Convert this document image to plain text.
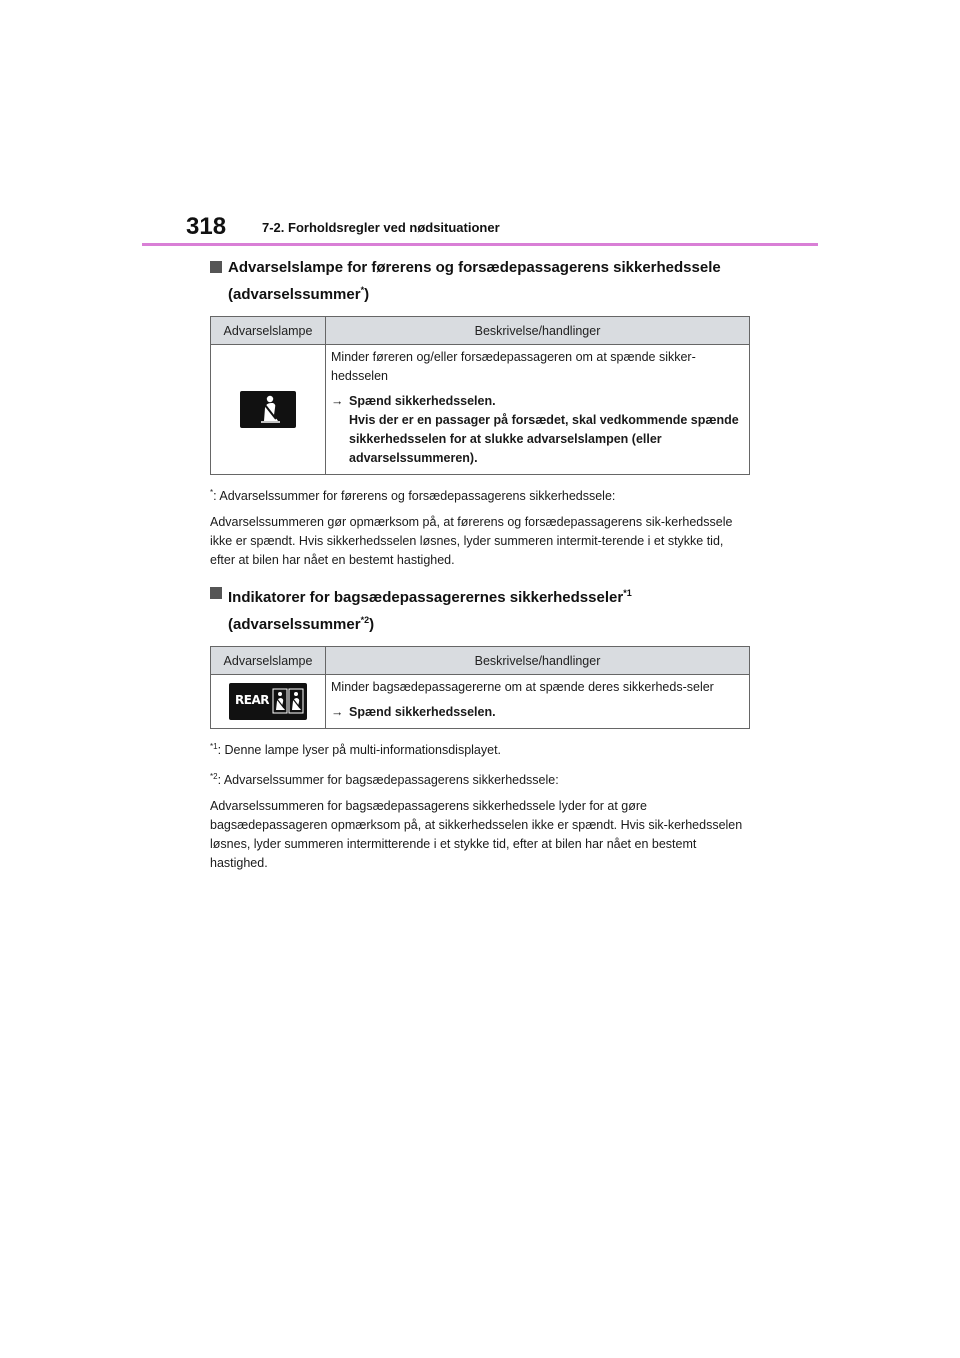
318	7-2. Forholdsregler ved nødsituationer
Advarselslampe for førerens og forsædepassagerens sikkerhedssele (advarselssummer*)
Advarselslampe	Beskrivelse/handlinger

Minder føreren og/eller forsædepassageren om at spænde sikker-hedsselen
→ Spænd sikkerhedsselen.
Hvis der er en passager på forsædet, skal vedkommende spænde sikkerhedsselen for at slukke advarselslampen (eller advarselssummeren).

*: Advarselssummer for førerens og forsædepassagerens sikkerhedssele:

Advarselssummeren gør opmærksom på, at førerens og forsædepassagerens sik-kerhedssele ikke er spændt. Hvis sikkerhedsselen løsnes, lyder summeren intermit-terende i et stykke tid, efter at bilen har nået en bestemt hastighed.

Indikatorer for bagsædepassagerernes sikkerhedsseler$^{*1}$
(advarselssummer$^{*2}$)
Advarselslampe	Beskrivelse/handlinger

REAR	Minder bagsædepassagererne om at spænde deres sikkerheds-seler
→ Spænd sikkerhedsselen.

$^{*1}$: Denne lampe lyser på multi-informationsdisplayet.

$^{*2}$: Advarselssummer for bagsædepassagerens sikkerhedssele:

Advarselssummeren for bagsædepassagerens sikkerhedssele lyder for at gøre bagsædepassageren opmærksom på, at sikkerhedsselen ikke er spændt. Hvis sik-kerhedsselen løsnes, lyder summeren intermitterende i et stykke tid, efter at bilen har nået en bestemt hastighed.
